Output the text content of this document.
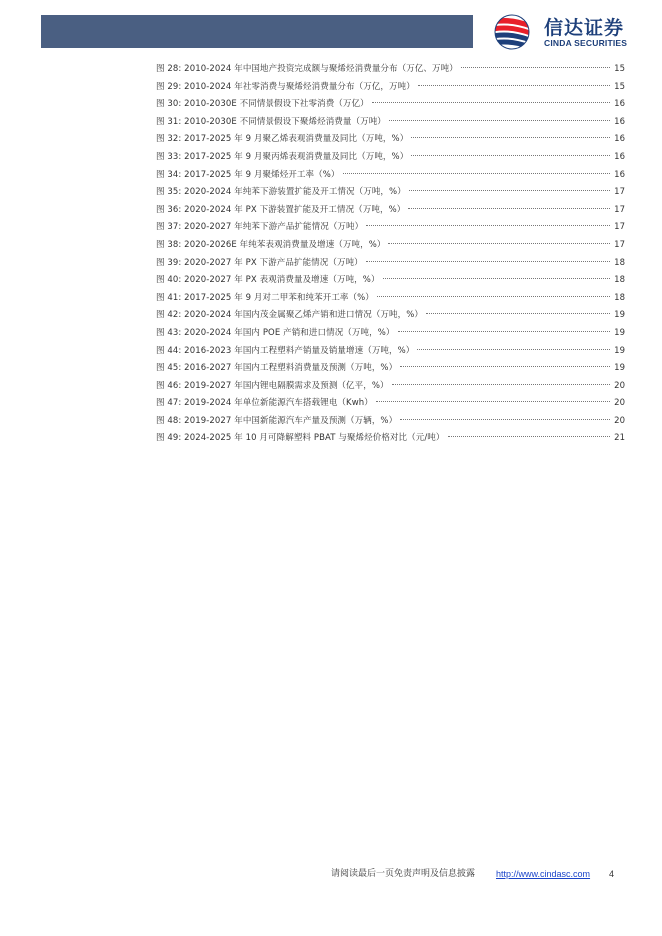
信达证券
CINDA SECURITIES
图 28: 2010-2024 年中国地产投资完成额与聚烯烃消费量分布（万亿、万吨）	15
图 29: 2010-2024 年社零消费与聚烯烃消费量分布（万亿，万吨）	15
图 30: 2010-2030E 不同情景假设下社零消费（万亿）	16
图 31: 2010-2030E 不同情景假设下聚烯烃消费量（万吨）	16
图 32: 2017-2025 年 9 月聚乙烯表观消费量及同比（万吨，%）	16
图 33: 2017-2025 年 9 月聚丙烯表观消费量及同比（万吨，%）	16
图 34: 2017-2025 年 9 月聚烯烃开工率（%）	16
图 35: 2020-2024 年纯苯下游装置扩能及开工情况（万吨，%）	17
图 36: 2020-2024 年 PX 下游装置扩能及开工情况（万吨，%）	17
图 37: 2020-2027 年纯苯下游产品扩能情况（万吨）	17
图 38: 2020-2026E 年纯苯表观消费量及增速（万吨，%）	17
图 39: 2020-2027 年 PX 下游产品扩能情况（万吨）	18
图 40: 2020-2027 年 PX 表观消费量及增速（万吨，%）	18
图 41: 2017-2025 年 9 月对二甲苯和纯苯开工率（%）	18
图 42: 2020-2024 年国内茂金属聚乙烯产销和进口情况（万吨，%）	19
图 43: 2020-2024 年国内 POE 产销和进口情况（万吨，%）	19
图 44: 2016-2023 年国内工程塑料产销量及销量增速（万吨，%）	19
图 45: 2016-2027 年国内工程塑料消费量及预测（万吨，%）	19
图 46: 2019-2027 年国内锂电隔膜需求及预测（亿平，%）	20
图 47: 2019-2024 年单位新能源汽车搭载锂电（Kwh）	20
图 48: 2019-2027 年中国新能源汽车产量及预测（万辆，%）	20
图 49: 2024-2025 年 10 月可降解塑料 PBAT 与聚烯烃价格对比（元/吨）	21
请阅读最后一页免责声明及信息披露 http://www.cindasc.com 4
